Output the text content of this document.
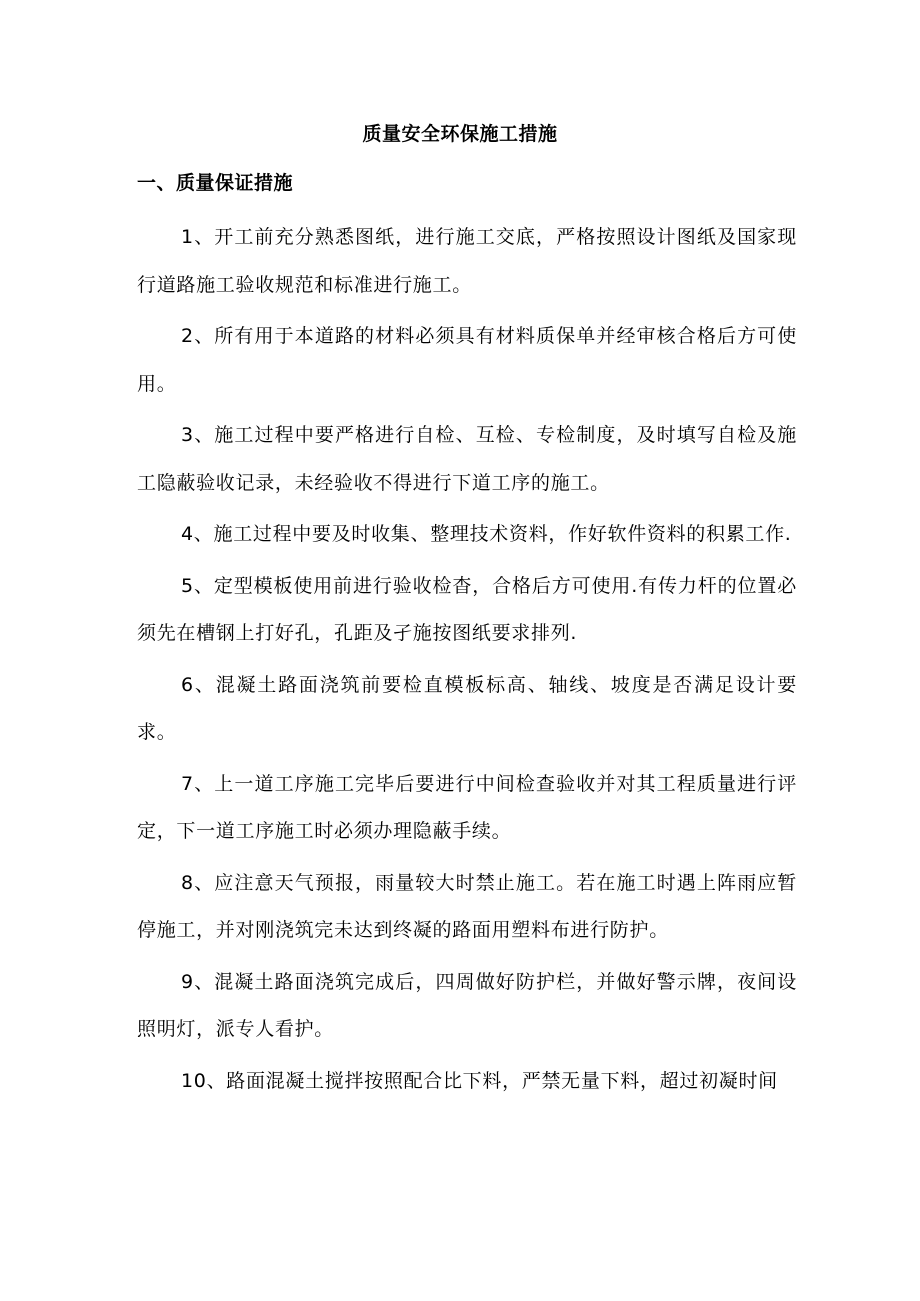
质量安全环保施工措施
一、质量保证措施

1、开工前充分熟悉图纸，进行施工交底，严格按照设计图纸及国家现行道路施工验收规范和标准进行施工。

2、所有用于本道路的材料必须具有材料质保单并经审核合格后方可使用。

3、施工过程中要严格进行自检、互检、专检制度，及时填写自检及施工隐蔽验收记录，未经验收不得进行下道工序的施工。

4、施工过程中要及时收集、整理技术资料，作好软件资料的积累工作.

5、定型模板使用前进行验收检杳，合格后方可使用.有传力杆的位置必须先在槽钢上打好孔，孔距及孑施按图纸要求排列.

6、混凝土路面浇筑前要检直模板标高、轴线、坡度是否满足设计要求。

7、上一道工序施工完毕后要进行中间检查验收并对其工程质量进行评定，下一道工序施工时必须办理隐蔽手续。

8、应注意天气预报，雨量较大时禁止施工。若在施工时遇上阵雨应暂停施工，并对刚浇筑完未达到终凝的路面用塑料布进行防护。

9、混凝土路面浇筑完成后，四周做好防护栏，并做好警示牌，夜间设照明灯，派专人看护。

10、路面混凝土搅拌按照配合比下料，严禁无量下料，超过初凝时间
